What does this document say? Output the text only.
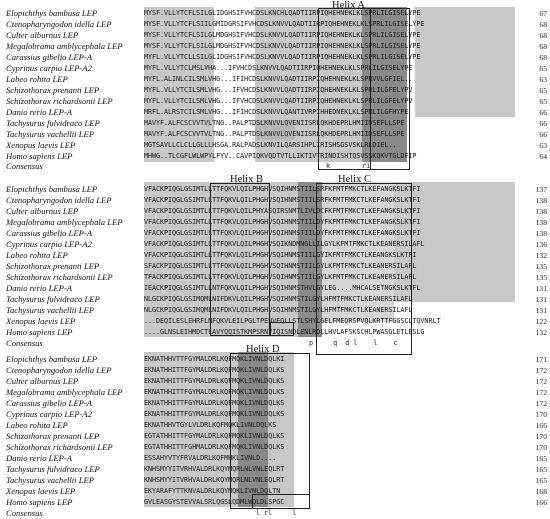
Helix A
Elopichthys bambusa LEP	MYSF.VLLYTCFLSILGLIDGHSIFVHCDSLKNCHLQADTIIRPIQHEHNEKLKLSPRLILGISELYPE	67
Ctenopharyngodon idella LEP	MYSF.VLLYTCFLSIILGMIDGRSIFVHCDSLKNVVLQADTIIRPIQHEHNEKLKLSPRLILGISELYPE	68
Culter alburnus LEP	MYSF.VLLYTCFLSILGLMDGHSIFVHCDSLKNVVLQADTIIRPIQHEHNEKLKLSPRLILGISELYPE	68
Megalobrama amblycephala LEP	MYSF.VLLYTCFLSILGLMDGHSIFVHCDSLKNVVLQADTIIRPIQHEHNEKLKLSPRLILGISELYPE	68
Carassius gibelio LEP-A	MYFL.VLLYTCLLSILGLIDGHSIFVHCDSLKNVVLQADTIIRPIQHEHNEKLKLSPRLILGISELYPE	68
Cyprinus carpio LEP-A2	MYFL.VLLYTCLMSLVHA...IFVHCDSLKNVVLQADTIIRPIQHEHNEKLKLSPRLILGISELYPE	65
Labeo rohita LEP	MYFL.ALINLCILSMLVHG...IFIHCDSLKNVVLQADTIIRPIQHEHNEKLKLSPRVVLGFIEL..	63
Schizothorax prenanti LEP	MYFL.VLLYTCILSMLVHG...IFVHCDSLKNVVLQADTIIRPIQHEHNEKLKLSPRLILGFELYPV	65
Schizothorax richardsonii LEP	MYFL.VLLYTCILSMLVHG...IFVHCDSLKNVVLQADTIIRPIQHEHNEKLKLSPRLILGFELYPV	65
Danio rerio LEP-A	MRFL.ALRSTCILSMLVHG...IFIHCDSLKNVVLQANTIVRPIHHEDNEKLKLSPRLILGFHYPE	66
Tachysurus fulvidraco LEP	MAVYF.ALFCSCVVTVLTNG..PALPTDSLKNVVLQVENIISRLQKHDEPRLHMIIDSEFLLSPE	66
Tachysurus vachellii LEP	MAVYF.ALFCSCVVTVLTNG..PALPTDSLKNVVLQVENIISRLQKHDEPRLHMIIDSEFLLSPE	66
Xenopus laevis LEP	MGTSAVLLCLCLLGLLLHSGA.RALPADSLKNVILQARSIHPLIRISHSGSVSKLRLDIEL..	63
Homo sapiens LEP	MHWG..TLCGFLWLWPYLFYV..CAVPIQKVQDTVTLLIKTIVTRINDISHTQSVSSKQKVTGLDFIP	64
Consensus	k        ri
Helix B	Helix C
Elopichthys bambusa LEP	VFACKPIQGLGSIMTLLTTFQKVLQILPHGHVSQIHNMSTIILSRFKFMTFMKCTLKEFANGKSLKTFI	137
Ctenopharyngodon idella LEP	VFACKPIQGLGSIMTLLTTFQKVLQILPHGHVSQIHNMSTIILSRFKFMTFMKCTLKEFANGKSLKTFI	138
Culter alburnus LEP	VFACKPIQGLGSIMTLLTTFQKVLQILPHYASQIRSNMTLIVLDCFKFMTFMKCTLKEFANGKSLKTFI	138
Megalobrama amblycephala LEP	VFACKPIQGLGSIMTLLTTFQKVLQILPHGHVSQIHNMSTIILDYFKFMTFMKCTLKEFANGKSLKTFI	138
Carassius gibelio LEP-A	VFACKPIQGLGSIMTLLTTFQKVLQILPHGHVSQIHNMSTIILDYFKFMTFMKCTLKEFANGKSLKTFI	138
Cyprinus carpio LEP-A2	VFACKPIQGLGSIMTLLTTFQKVLQILPHGHVSQIKNDMNGLLILGYLKFMTFMKCTLKEANERSILAFL	136
Labeo rohita LEP	VFACKPIQGLGSIMTLLTTFQKVLQILPHGHVSQIHNMSTIILGYIKFMTFMKCTLKEANGKSLKTFI	132
Schizothorax prenanti LEP	SFACKPIQGLGSIMTLLTTFQKVLQILPHGHVSQIHNMSTIILGYLKFMTFMKCTLKEANERSILAFL	135
Schizothorax richardsonii LEP	TFACKPIQGLGSIMTLLTTFQKVLQILPHGHVSQIHNMSTIILGYLKFMTFMKCTLKEANERSILAFL	135
Danio rerio LEP-A	IEACKPIQGLGSIMTLLNTFQKVLQILPHGHVSQIHNMSTHVLGYLEG....MHCALSETNGKSLKTFL	131
Tachysurus fulvidraco LEP	NLGCKPIQGLGSIMQMLNIFDKVLQILPHGHVSQIHNMSTILGYLHFMTFMKCTLKEANERSILAFL	131
Tachysurus vachellii LEP	NLGCKPIQGLGSIMQMLNIFDKVLQILPHGHVSQIHNMSTILGYLHFMTFMKCTLKEANERSILAFL	131
Xenopus laevis LEP	...DEQILESLEHRFLNFQKVLEILPGLTPENVEQLLSTLSHYLGELFMEQRSPVQLKRTTFGGSCLTQVNRLT	122
Homo sapiens LEP	....GLNSLEIHMDCTLAVYQQISTKMPSRNVIQISNDLENLRDLLHVLAFSKSCHLPWASGLETLESLG	132
Consensus	p     q  d l    l    c
Helix D
Elopichthys bambusa LEP	EKNATHHVTTFGYMALDRLKQFMQKLIVNLDQLKI	171
Ctenopharyngodon idella LEP	EKNATHHITTFGYMALDRLKQFMQKLIVNLDQLKS	172
Culter alburnus LEP	EKNATHHITTFGYMALDRLKQFMQKLIVNLDQLKS	172
Megalobrama amblycephala LEP	EKNATHHITTFGYMALDRLKQFMQKLIVNLDQLKS	172
Carassius gibelio LEP-A	EKNATHHITTFGYMALDRLKQFMQKLIVNLDQLKS	172
Cyprinus carpio LEP-A2	EKNATHHITTFGYMALDRLKQFMQKLIVNLDQLKS	170
Labeo rohita LEP	EKNATHHVTGYLVLDRLKQFMQKLIVNLDQLKS	166
Schizothorax prenanti LEP	EGTATHHITTFGYMALDRLKQFMQKLIVNLDQLKS	170
Schizothorax richardsonii LEP	EGTATHHITTFGHMALDRLKQFMQKLIVNLDQLKS	170
Danio rerio LEP-A	ESSAHYVTYFRVALDRLKQFMHKLIVNLD....	165
Tachysurus fulvidraco LEP	KNHSMYYITVRHVALDRLKQYMQRLNLVNLEQLRT	165
Tachysurus vachellii LEP	KNHSMYYITVRHVALDRLKQYMQRLNLVNLEQLRT	165
Xenopus laevis LEP	EKYARAFYTTKNVALDRLKQYMQKLIVNLDQLTN	168
Homo sapiens LEP	GVLEASGYSTEVVALSRLQGSLQDMLWQLDLSPGC	166
Consensus	l rl     l
